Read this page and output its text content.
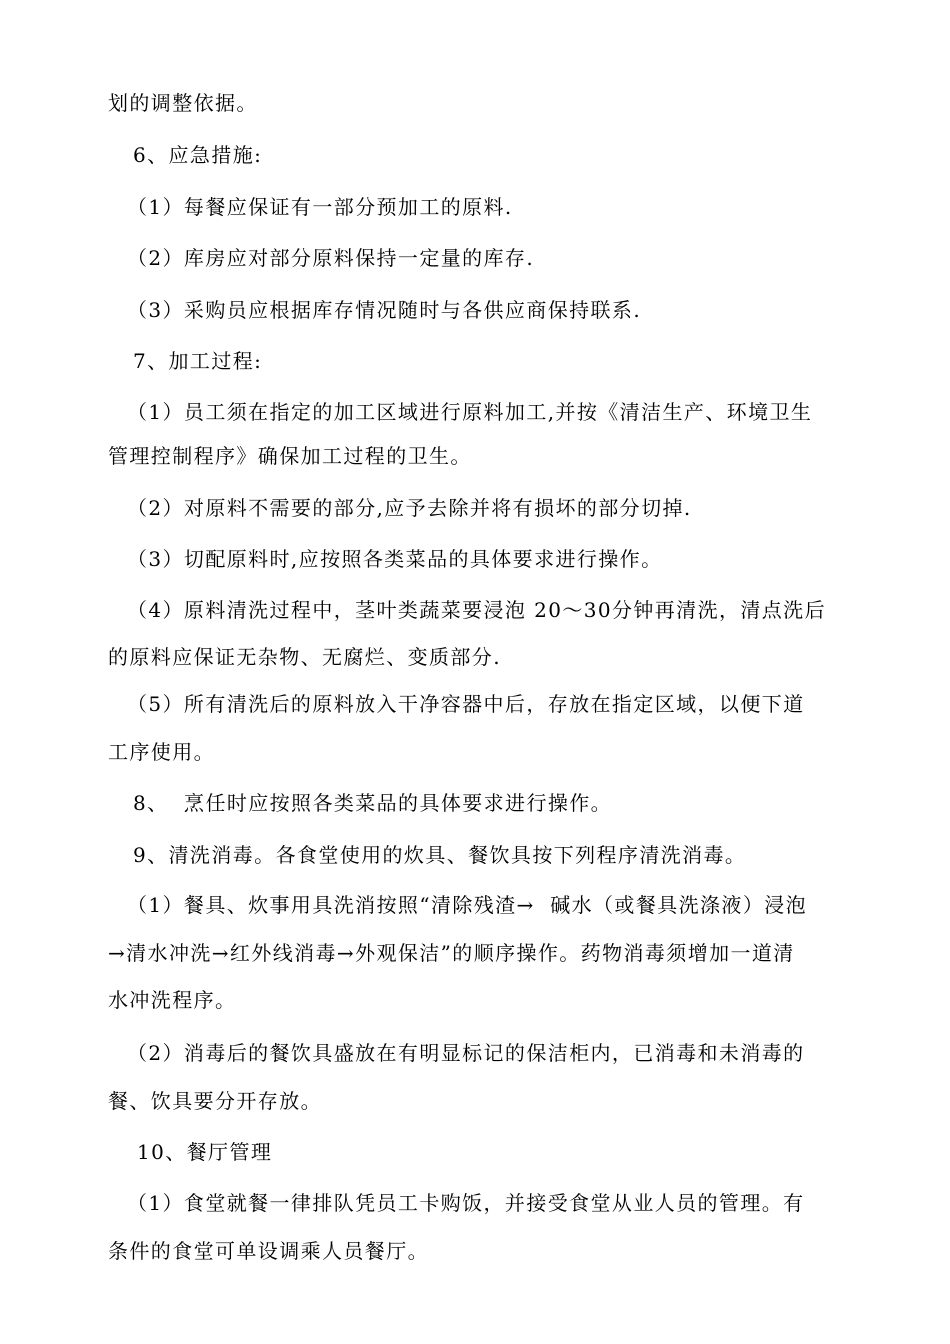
划的调整依据。
6、应急措施:
（1）每餐应保证有一部分预加工的原料.
（2）库房应对部分原料保持一定量的库存.
（3）采购员应根据库存情况随时与各供应商保持联系.
7、加工过程:
（1）员工须在指定的加工区域进行原料加工,并按《清洁生产、环境卫生
管理控制程序》确保加工过程的卫生。
（2）对原料不需要的部分,应予去除并将有损坏的部分切掉.
（3）切配原料时,应按照各类菜品的具体要求进行操作。
（4）原料清洗过程中，茎叶类蔬菜要浸泡 20～30分钟再清洗，清点洗后
的原料应保证无杂物、无腐烂、变质部分.
（5）所有清洗后的原料放入干净容器中后，存放在指定区域，以便下道
工序使用。
8、  烹任时应按照各类菜品的具体要求进行操作。
9、清洗消毒。各食堂使用的炊具、餐饮具按下列程序清洗消毒。
（1）餐具、炊事用具洗消按照“清除残渣→  碱水（或餐具洗涤液）浸泡
→清水冲洗→红外线消毒→外观保洁”的顺序操作。药物消毒须增加一道清
水冲洗程序。
（2）消毒后的餐饮具盛放在有明显标记的保洁柜内，已消毒和未消毒的
餐、饮具要分开存放。
10、餐厅管理
（1）食堂就餐一律排队凭员工卡购饭，并接受食堂从业人员的管理。有
条件的食堂可单设调乘人员餐厅。
